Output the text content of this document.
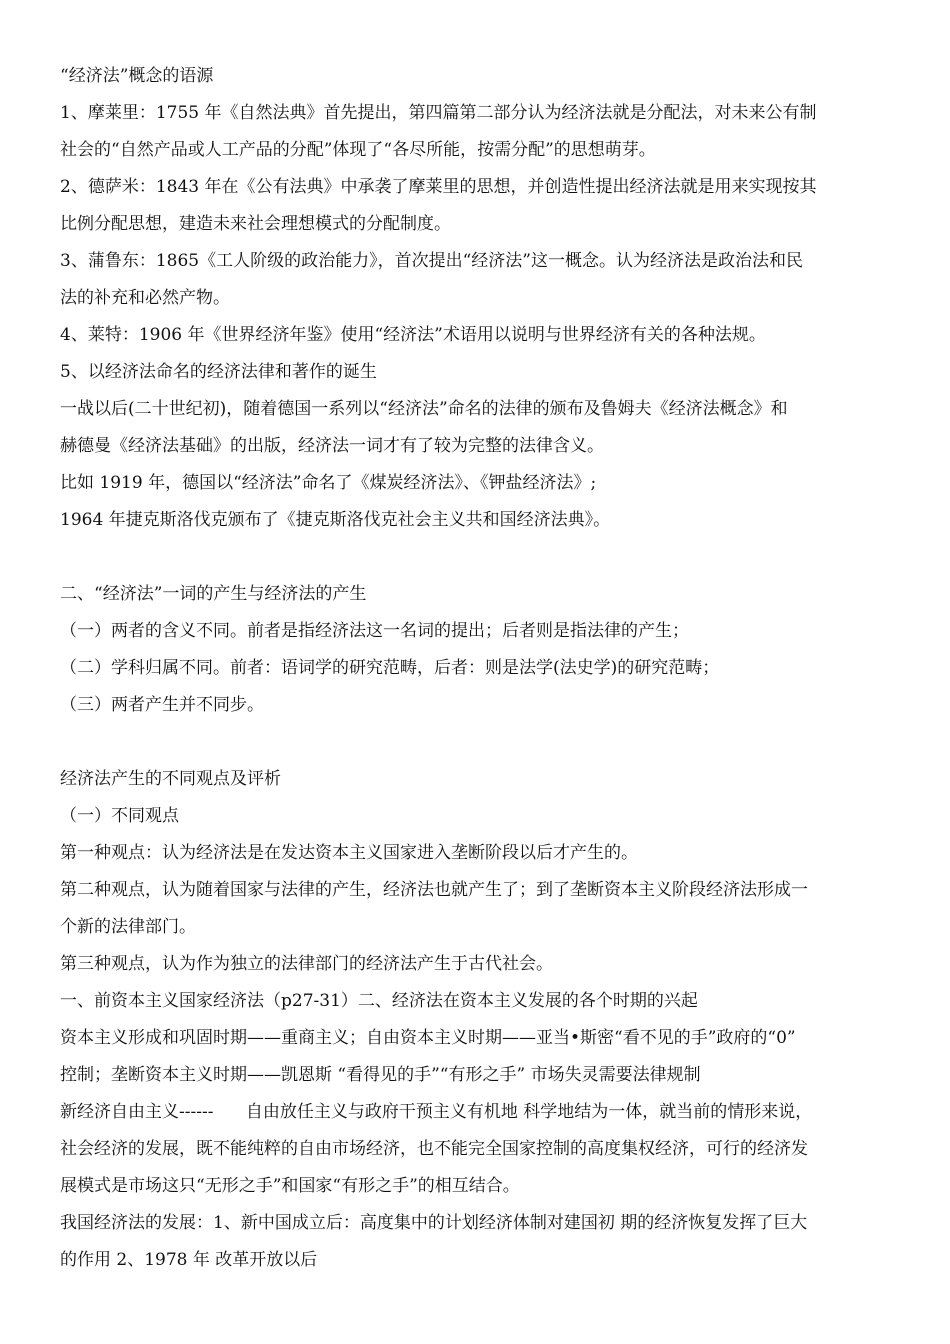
“经济法”概念的语源
1、摩莱里：1755 年《自然法典》首先提出，第四篇第二部分认为经济法就是分配法，对未来公有制
社会的“自然产品或人工产品的分配”体现了“各尽所能，按需分配”的思想萌芽。
2、德萨米：1843 年在《公有法典》中承袭了摩莱里的思想，并创造性提出经济法就是用来实现按其
比例分配思想，建造未来社会理想模式的分配制度。
3、蒲鲁东：1865《工人阶级的政治能力》，首次提出“经济法”这一概念。认为经济法是政治法和民
法的补充和必然产物。
4、莱特：1906 年《世界经济年鉴》使用“经济法”术语用以说明与世界经济有关的各种法规。
5、以经济法命名的经济法律和著作的诞生
一战以后(二十世纪初)，随着德国一系列以“经济法”命名的法律的颁布及鲁姆夫《经济法概念》和
赫德曼《经济法基础》的出版，经济法一词才有了较为完整的法律含义。
比如 1919 年，德国以“经济法”命名了《煤炭经济法》、《钾盐经济法》;
1964 年捷克斯洛伐克颁布了《捷克斯洛伐克社会主义共和国经济法典》。
二、“经济法”一词的产生与经济法的产生
（一）两者的含义不同。前者是指经济法这一名词的提出；后者则是指法律的产生；
（二）学科归属不同。前者：语词学的研究范畴，后者：则是法学(法史学)的研究范畴；
（三）两者产生并不同步。
经济法产生的不同观点及评析
（一）不同观点
第一种观点：认为经济法是在发达资本主义国家进入垄断阶段以后才产生的。
第二种观点，认为随着国家与法律的产生，经济法也就产生了；到了垄断资本主义阶段经济法形成一
个新的法律部门。
第三种观点，认为作为独立的法律部门的经济法产生于古代社会。
一、前资本主义国家经济法（p27-31）二、经济法在资本主义发展的各个时期的兴起
资本主义形成和巩固时期——重商主义；自由资本主义时期——亚当•斯密“看不见的手”政府的“0”
控制；垄断资本主义时期——凯恩斯 “看得见的手”“有形之手” 市场失灵需要法律规制
新经济自由主义------      自由放任主义与政府干预主义有机地 科学地结为一体，就当前的情形来说，
社会经济的发展，既不能纯粹的自由市场经济，也不能完全国家控制的高度集权经济，可行的经济发
展模式是市场这只“无形之手”和国家“有形之手”的相互结合。
我国经济法的发展：1、新中国成立后：高度集中的计划经济体制对建国初 期的经济恢复发挥了巨大
的作用 2、1978 年 改革开放以后
